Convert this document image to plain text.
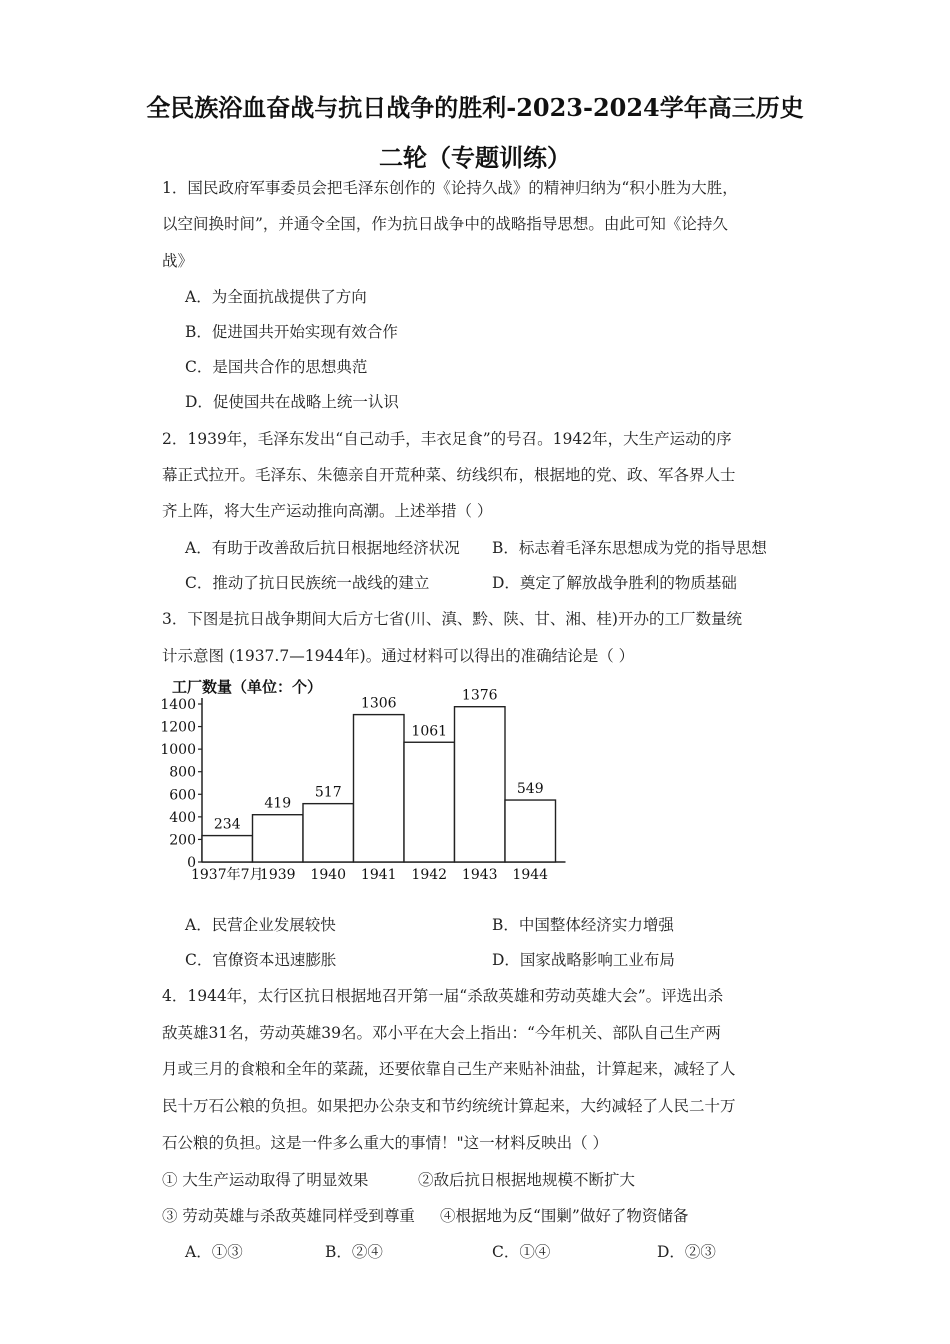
全民族浴血奋战与抗日战争的胜利-2023-2024学年高三历史
二轮（专题训练）
1．国民政府军事委员会把毛泽东创作的《论持久战》的精神归纳为“积小胜为大胜，
以空间换时间”，并通令全国，作为抗日战争中的战略指导思想。由此可知《论持久
战》
A．为全面抗战提供了方向
B．促进国共开始实现有效合作
C．是国共合作的思想典范
D．促使国共在战略上统一认识
2．1939年，毛泽东发出“自己动手，丰衣足食”的号召。1942年，大生产运动的序
幕正式拉开。毛泽东、朱德亲自开荒种菜、纺线织布，根据地的党、政、军各界人士
齐上阵，将大生产运动推向高潮。上述举措（ ）
A．有助于改善敌后抗日根据地经济状况 B．标志着毛泽东思想成为党的指导思想
C．推动了抗日民族统一战线的建立	D．奠定了解放战争胜利的物质基础
3．下图是抗日战争期间大后方七省(川、滇、黔、陕、甘、湘、桂)开办的工厂数量统
计示意图 (1937.7—1944年)。通过材料可以得出的准确结论是（ ）
工厂数量（单位：个）
0
200
400
600
800
1000
1200
1400
234
1937年7月
419
1939
517
1940
1306
1941
1061
1942
1376
1943
549
1944
A．民营企业发展较快	B．中国整体经济实力增强
C．官僚资本迅速膨胀	D．国家战略影响工业布局
4．1944年，太行区抗日根据地召开第一届“杀敌英雄和劳动英雄大会”。评选出杀
敌英雄31名，劳动英雄39名。邓小平在大会上指出：“今年机关、部队自己生产两
月或三月的食粮和全年的菜蔬，还要依靠自己生产来贴补油盐，计算起来，减轻了人
民十万石公粮的负担。如果把办公杂支和节约统统计算起来，大约减轻了人民二十万
石公粮的负担。这是一件多么重大的事情！"这一材料反映出（ ）
① 大生产运动取得了明显效果	②敌后抗日根据地规模不断扩大
③ 劳动英雄与杀敌英雄同样受到尊重 ④根据地为反“围剿”做好了物资储备
A．①③	B．②④	C．①④	D．②③
